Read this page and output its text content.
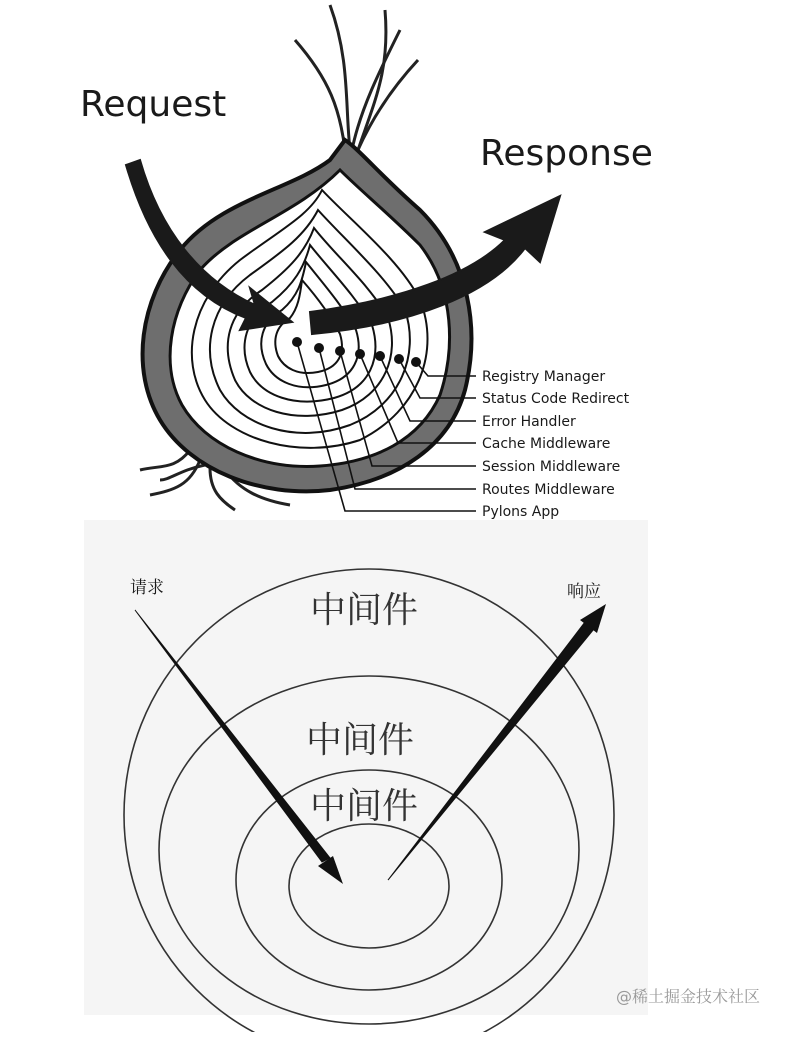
Request
Response
Registry Manager
Status Code Redirect
Error Handler
Cache Middleware
Session Middleware
Routes Middleware
Pylons App
中间件
中间件
中间件
请求	响应
@稀土掘金技术社区
